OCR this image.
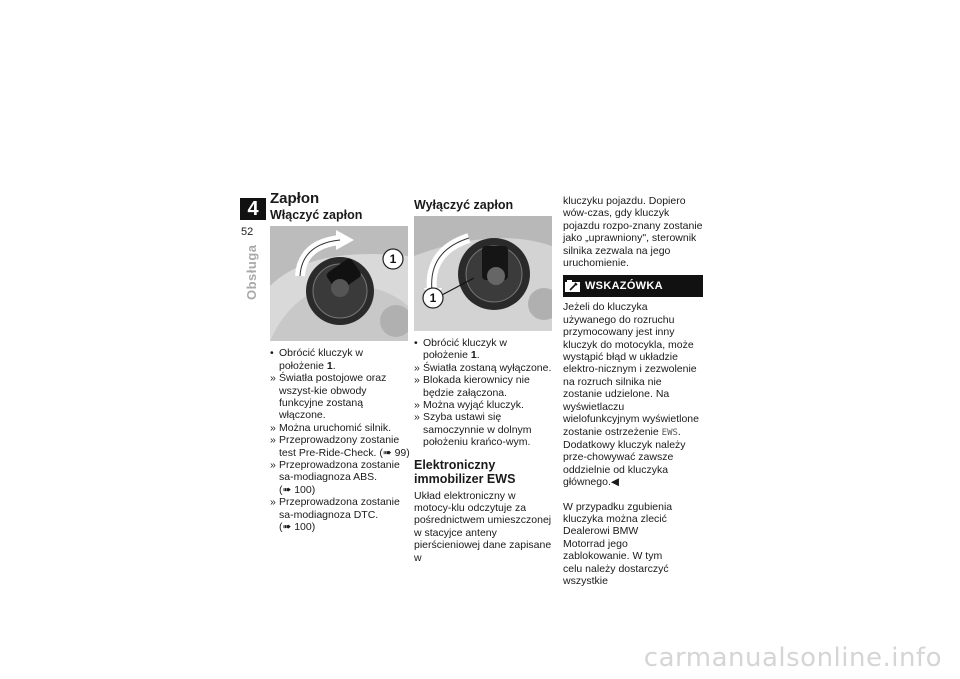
4
52
Obsługa
Zapłon
Włączyć zapłon
1
• Obrócić kluczyk w położenie 1.
» Światła postojowe oraz wszyst-kie obwody funkcyjne zostaną włączone.
» Można uruchomić silnik.
» Przeprowadzony zostanie test Pre-Ride-Check. (➠ 99)
» Przeprowadzona zostanie sa-modiagnoza ABS. (➠ 100)
» Przeprowadzona zostanie sa-modiagnoza DTC. (➠ 100)
Wyłączyć zapłon
1
• Obrócić kluczyk w położenie 1.
» Światła zostaną wyłączone.
» Blokada kierownicy nie będzie załączona.
» Można wyjąć kluczyk.
» Szyba ustawi się samoczynnie w dolnym położeniu krańco-wym.
Elektroniczny immobilizer EWS

Układ elektroniczny w motocy-klu odczytuje za pośrednictwem umieszczonej w stacyjce anteny pierścieniowej dane zapisane w

kluczyku pojazdu. Dopiero wów-czas, gdy kluczyk pojazdu rozpo-znany zostanie jako „uprawniony", sterownik silnika zezwala na jego uruchomienie.

WSKAZÓWKA

Jeżeli do kluczyka używanego do rozruchu przymocowany jest inny kluczyk do motocykla, może wystąpić błąd w układzie elektro-nicznym i zezwolenie na rozruch silnika nie zostanie udzielone. Na wyświetlaczu wielofunkcyjnym wyświetlone zostanie ostrzeżenie EWS.

Dodatkowy kluczyk należy prze-chowywać zawsze oddzielnie od kluczyka głównego.◀

W przypadku zgubienia kluczyka można zlecić Dealerowi BMW Motorrad jego zablokowanie. W tym celu należy dostarczyć wszystkie

carmanualsonline.info
